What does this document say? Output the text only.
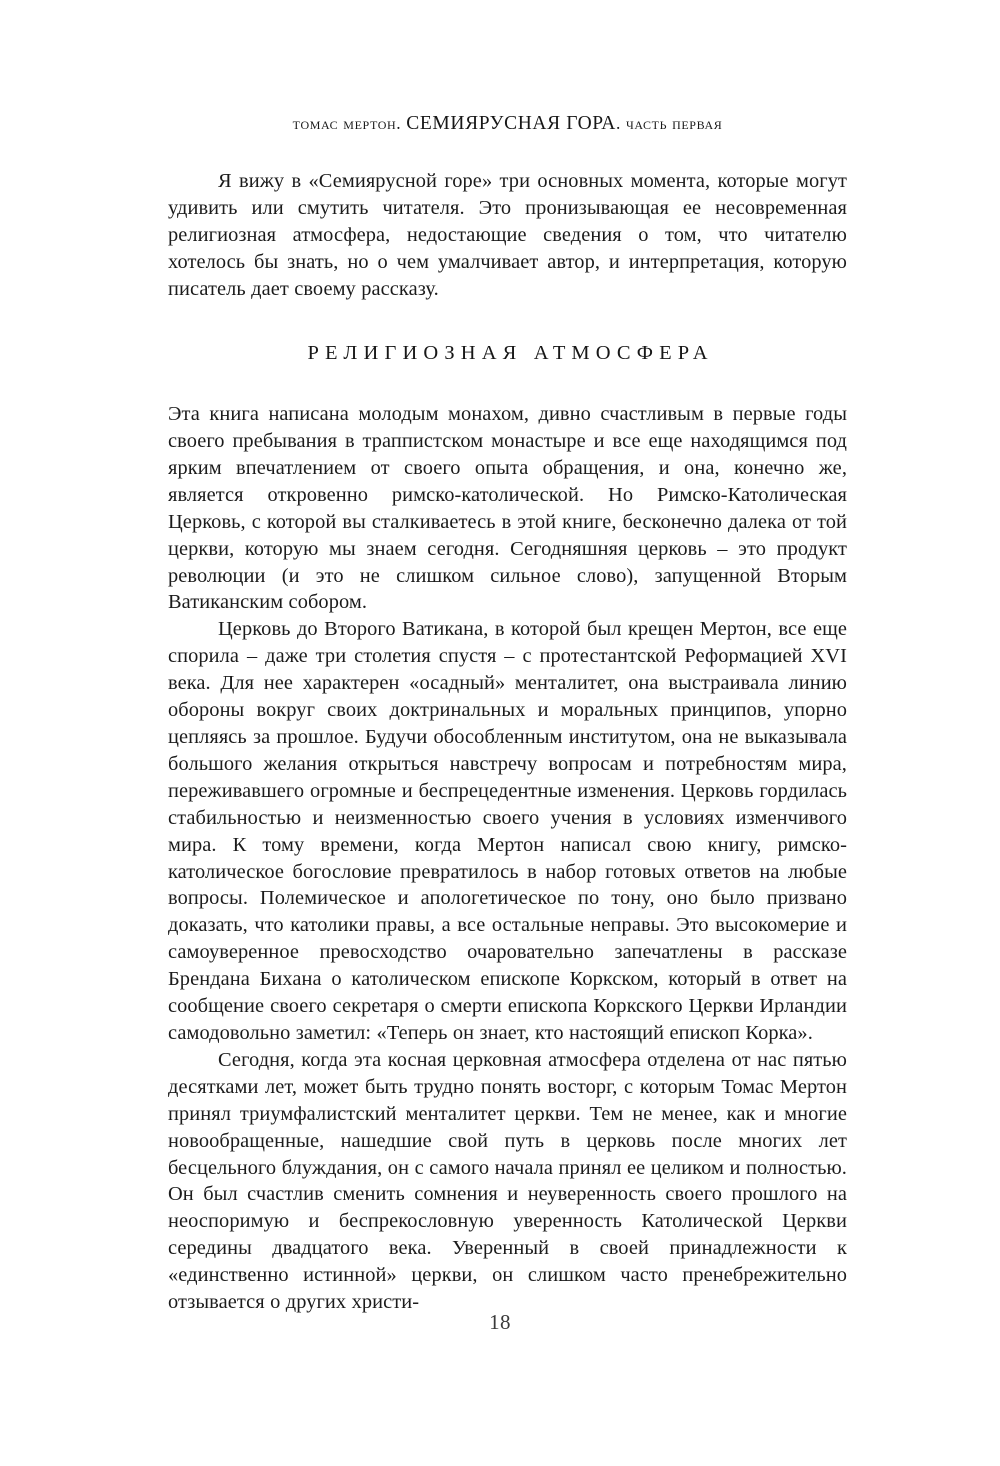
томас мертон. СЕМИЯРУСНАЯ ГОРА. часть первая

Я вижу в «Семиярусной горе» три основных момента, которые могут удивить или смутить читателя. Это пронизывающая ее несовременная религиозная атмосфера, недостающие сведения о том, что читателю хотелось бы знать, но о чем умалчивает автор, и интерпретация, которую писатель дает своему рассказу.

РЕЛИГИОЗНАЯ АТМОСФЕРА

Эта книга написана молодым монахом, дивно счастливым в первые годы своего пребывания в траппистском монастыре и все еще находящимся под ярким впечатлением от своего опыта обращения, и она, конечно же, является откровенно римско-католической. Но Римско-Католическая Церковь, с которой вы сталкиваетесь в этой книге, бесконечно далека от той церкви, которую мы знаем сегодня. Сегодняшняя церковь – это продукт революции (и это не слишком сильное слово), запущенной Вторым Ватиканским собором.

Церковь до Второго Ватикана, в которой был крещен Мертон, все еще спорила – даже три столетия спустя – с протестантской Реформацией XVI века. Для нее характерен «осадный» менталитет, она выстраивала линию обороны вокруг своих доктринальных и моральных принципов, упорно цепляясь за прошлое. Будучи обособленным институтом, она не выказывала большого желания открыться навстречу вопросам и потребностям мира, переживавшего огромные и беспрецедентные изменения. Церковь гордилась стабильностью и неизменностью своего учения в условиях изменчивого мира. К тому времени, когда Мертон написал свою книгу, римско-католическое богословие превратилось в набор готовых ответов на любые вопросы. Полемическое и апологетическое по тону, оно было призвано доказать, что католики правы, а все остальные неправы. Это высокомерие и самоуверенное превосходство очаровательно запечатлены в рассказе Брендана Бихана о католическом епископе Коркском, который в ответ на сообщение своего секретаря о смерти епископа Коркского Церкви Ирландии самодовольно заметил: «Теперь он знает, кто настоящий епископ Корка».

Сегодня, когда эта косная церковная атмосфера отделена от нас пятью десятками лет, может быть трудно понять восторг, с которым Томас Мертон принял триумфалистский менталитет церкви. Тем не менее, как и многие новообращенные, нашедшие свой путь в церковь после многих лет бесцельного блуждания, он с самого начала принял ее целиком и полностью. Он был счастлив сменить сомнения и неуверенность своего прошлого на неоспоримую и беспрекословную уверенность Католической Церкви середины двадцатого века. Уверенный в своей принадлежности к «единственно истинной» церкви, он слишком часто пренебрежительно отзывается о других христи-

18
